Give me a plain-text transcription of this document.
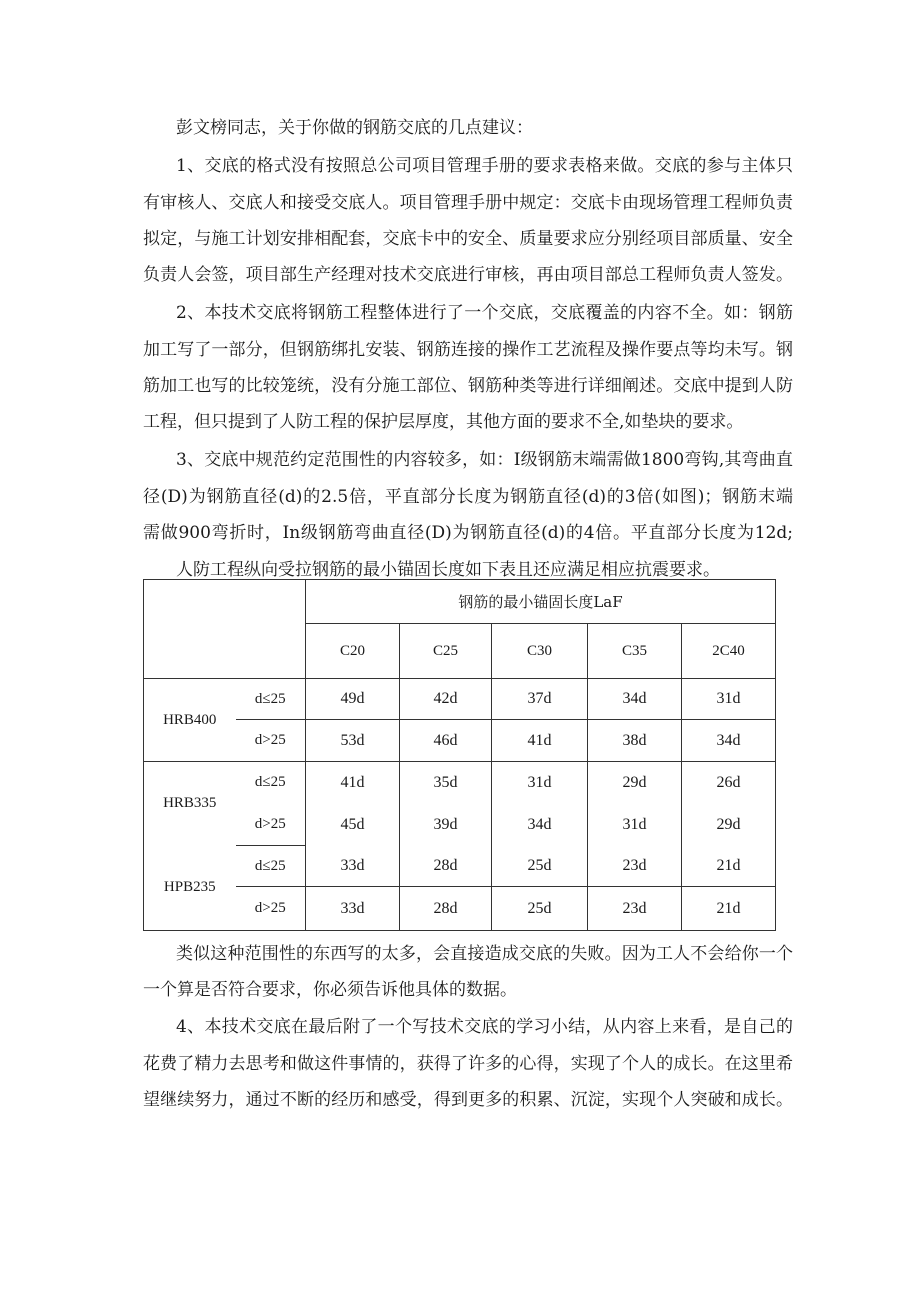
彭文榜同志，关于你做的钢筋交底的几点建议：
1、交底的格式没有按照总公司项目管理手册的要求表格来做。交底的参与主体只
有审核人、交底人和接受交底人。项目管理手册中规定：交底卡由现场管理工程师负责
拟定，与施工计划安排相配套，交底卡中的安全、质量要求应分别经项目部质量、安全
负责人会签，项目部生产经理对技术交底进行审核，再由项目部总工程师负责人签发。
2、本技术交底将钢筋工程整体进行了一个交底，交底覆盖的内容不全。如：钢筋
加工写了一部分，但钢筋绑扎安装、钢筋连接的操作工艺流程及操作要点等均未写。钢
筋加工也写的比较笼统，没有分施工部位、钢筋种类等进行详细阐述。交底中提到人防
工程，但只提到了人防工程的保护层厚度，其他方面的要求不全,如垫块的要求。
3、交底中规范约定范围性的内容较多，如：I级钢筋末端需做1800弯钩,其弯曲直
径(D)为钢筋直径(d)的2.5倍，平直部分长度为钢筋直径(d)的3倍(如图)；钢筋末端
需做900弯折时，In级钢筋弯曲直径(D)为钢筋直径(d)的4倍。平直部分长度为12d;
人防工程纵向受拉钢筋的最小锚固长度如下表且还应满足相应抗震要求。
		钢筋的最小锚固长度LaF				
		C20	C25	C30	C35	2C40
HRB400	d≤25	49d	42d	37d	34d	31d
	d>25	53d	46d	41d	38d	34d
HRB335	d≤25	41d	35d	31d	29d	26d
	d>25	45d	39d	34d	31d	29d
HPB235	d≤25	33d	28d	25d	23d	21d
	d>25	33d	28d	25d	23d	21d
类似这种范围性的东西写的太多，会直接造成交底的失败。因为工人不会给你一个
一个算是否符合要求，你必须告诉他具体的数据。
4、本技术交底在最后附了一个写技术交底的学习小结，从内容上来看，是自己的
花费了精力去思考和做这件事情的，获得了许多的心得，实现了个人的成长。在这里希
望继续努力，通过不断的经历和感受，得到更多的积累、沉淀，实现个人突破和成长。
